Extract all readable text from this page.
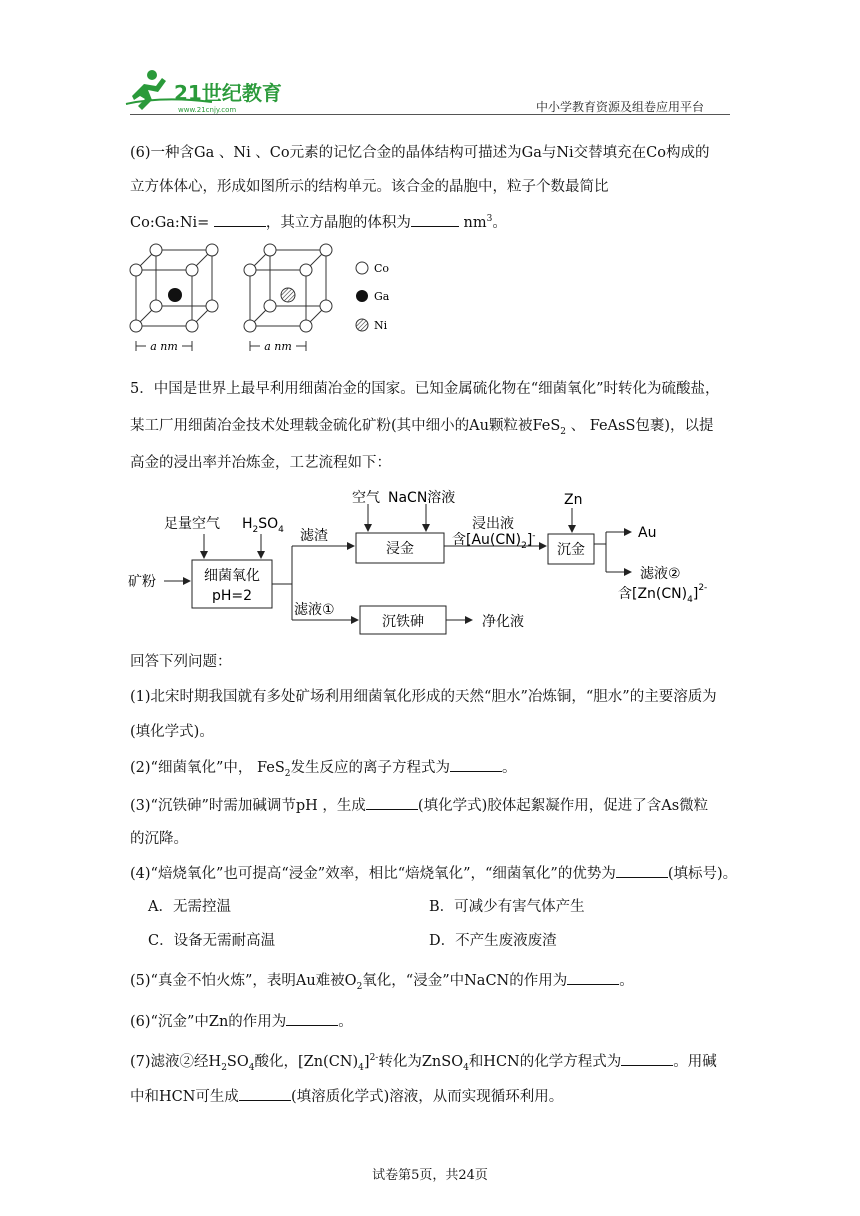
21世纪教育
www.21cnjy.com	中小学教育资源及组卷应用平台
(6)一种含Ga 、Ni 、Co元素的记忆合金的晶体结构可描述为Ga与Ni交替填充在Co构成的
立方体体心，形成如图所示的结构单元。该合金的晶胞中，粒子个数最简比
Co:Ga:Ni=	，其立方晶胞的体积为	$nm^3$。
a nm	a nm
Co
Ga
Ni
5．中国是世界上最早利用细菌冶金的国家。已知金属硫化物在“细菌氧化”时转化为硫酸盐，
某工厂用细菌冶金技术处理载金硫化矿粉(其中细小的Au颗粒被FeS$_2$ 、 FeAsS包裹)，以提
高金的浸出率并冶炼金，工艺流程如下：
矿粉
足量空气 $H_2SO_4$
细菌氧化
pH=2
滤渣
滤液①
空气 NaCN溶液
浸金
浸出液
含$[Au(CN)_2]^-$
Zn
沉金
Au
滤液②
含$[Zn(CN)_4]^{2-}$
沉铁砷	净化液
回答下列问题：
(1)北宋时期我国就有多处矿场利用细菌氧化形成的天然“胆水”冶炼铜，“胆水”的主要溶质为
(填化学式)。
(2)“细菌氧化”中， FeS$_2$发生反应的离子方程式为	。
(3)“沉铁砷”时需加碱调节pH ，生成	(填化学式)胶体起絮凝作用，促进了含As微粒
的沉降。
(4)“焙烧氧化”也可提高“浸金”效率，相比“焙烧氧化”，“细菌氧化”的优势为	(填标号)。
A．无需控温	B．可减少有害气体产生
C．设备无需耐高温	D．不产生废液废渣
(5)“真金不怕火炼”，表明Au难被$O_2$氧化，“浸金”中NaCN的作用为	。
(6)“沉金”中Zn的作用为	。
(7)滤液②经$H_2SO_4$酸化，$[Zn(CN)_4]^{2-}$转化为ZnSO$_4$和HCN的化学方程式为	。用碱
中和HCN可生成	(填溶质化学式)溶液，从而实现循环利用。
试卷第5页，共24页
